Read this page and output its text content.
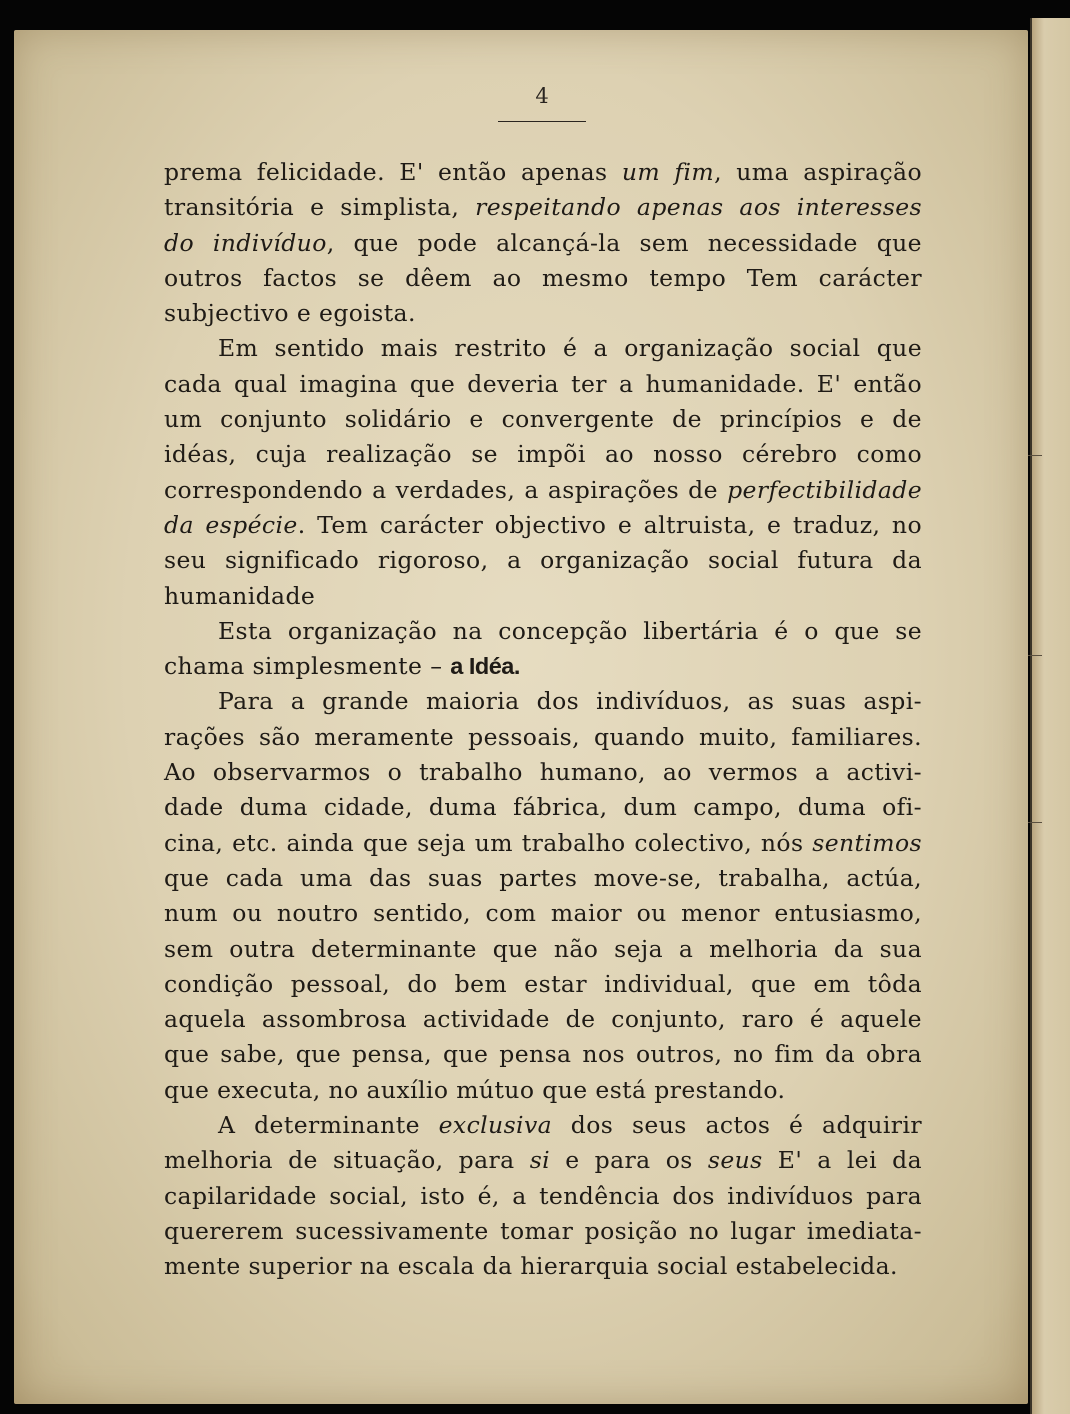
4
prema felicidade. E' então apenas um fim, uma aspiração
transitória e simplista, respeitando apenas aos interesses
do indivíduo, que pode alcançá-la sem necessidade que
outros factos se dêem ao mesmo tempo Tem carácter
subjectivo e egoista.
Em sentido mais restrito é a organização social que
cada qual imagina que deveria ter a humanidade. E' então
um conjunto solidário e convergente de princípios e de
idéas, cuja realização se impõi ao nosso cérebro como
correspondendo a verdades, a aspirações de perfectibilidade
da espécie. Tem carácter objectivo e altruista, e traduz, no
seu significado rigoroso, a organização social futura da
humanidade
Esta organização na concepção libertária é o que se
chama simplesmente – a Idéa.
Para a grande maioria dos indivíduos, as suas aspi-
rações são meramente pessoais, quando muito, familiares.
Ao observarmos o trabalho humano, ao vermos a activi-
dade duma cidade, duma fábrica, dum campo, duma ofi-
cina, etc. ainda que seja um trabalho colectivo, nós sentimos
que cada uma das suas partes move-se, trabalha, actúa,
num ou noutro sentido, com maior ou menor entusiasmo,
sem outra determinante que não seja a melhoria da sua
condição pessoal, do bem estar individual, que em tôda
aquela assombrosa actividade de conjunto, raro é aquele
que sabe, que pensa, que pensa nos outros, no fim da obra
que executa, no auxílio mútuo que está prestando.
A determinante exclusiva dos seus actos é adquirir
melhoria de situação, para si e para os seus E' a lei da
capilaridade social, isto é, a tendência dos indivíduos para
quererem sucessivamente tomar posição no lugar imediata-
mente superior na escala da hierarquia social estabelecida.
